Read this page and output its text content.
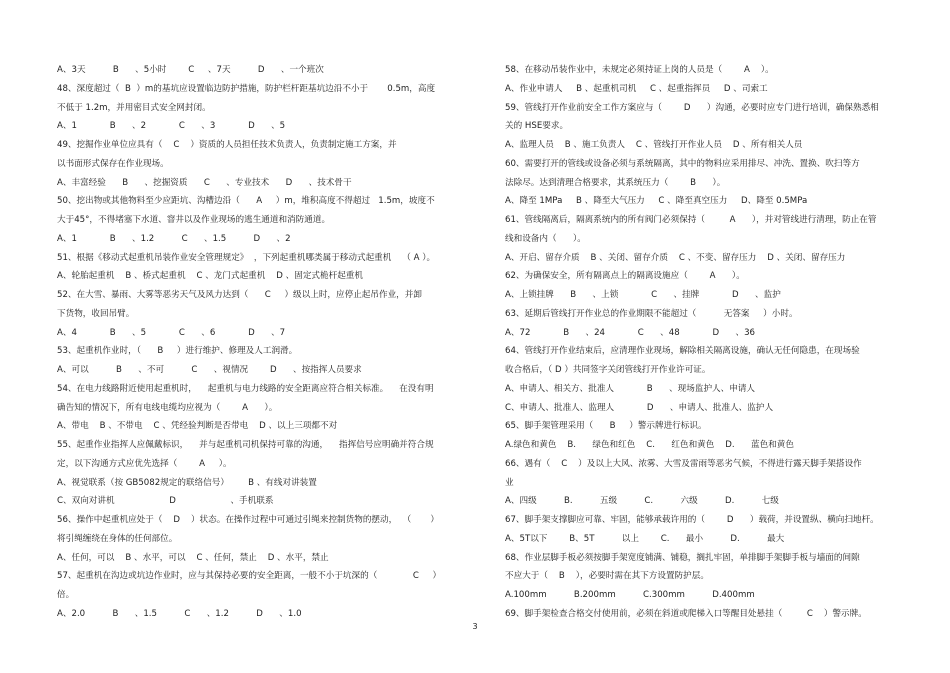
A、3天          B      、5小时        C     、7天          D      、一个班次
48、深度超过（  B  ）m的基坑应设置临边防护措施，防护栏杆距基坑边沿不小于       0.5m，高度
不低于 1.2m，并用密目式安全网封闭。
A、1            B      、2            C      、3            D      、5
49、挖掘作业单位应具有（    C    ）资质的人员担任技术负责人，负责制定施工方案，并
以书面形式保存在作业现场。
A、丰富经验      B      、挖掘资质      C      、专业技术      D      、技术骨干
50、挖出物或其他物料至少应距坑、沟槽边沿（      A     ）m，堆积高度不得超过   1.5m，坡度不
大于45°，不得堵塞下水道、窨井以及作业现场的逃生通道和消防通道。
A、1            B      、1.2          C      、1.5          D      、2
51、根据《移动式起重机吊装作业安全管理规定》  ，下列起重机哪类属于移动式起重机    （ A ）。
A、轮胎起重机    B 、桥式起重机    C 、龙门式起重机    D 、固定式桅杆起重机
52、在大雪、暴雨、大雾等恶劣天气及风力达到（      C     ）级以上时，应停止起吊作业，并卸
下货物，收回吊臂。
A、4            B      、5            C      、6            D      、7
53、起重机作业时，（      B     ）进行维护、修理及人工润滑。
A、可以          B      、不可          C      、视情况        D      、按指挥人员要求
54、在电力线路附近使用起重机时，    起重机与电力线路的安全距离应符合相关标准。    在没有明
确告知的情况下，所有电线电缆均应视为（        A      ）。
A、带电    B 、不带电    C 、凭经验判断是否带电    D 、以上三项都不对
55、起重作业指挥人应佩戴标识，    并与起重机司机保持可靠的沟通，    指挥信号应明确并符合规
定，以下沟通方式应优先选择（        A     ）。
A、视觉联系（按 GB5082规定的联络信号）       B 、有线对讲装置
C、双向对讲机                    D                    、手机联系
56、操作中起重机应处于（    D    ）状态。在操作过程中可通过引绳来控制货物的摆动，  （       ）
将引绳缠绕在身体的任何部位。
A、任何，可以    B 、水平，可以    C 、任何，禁止    D 、水平，禁止
57、起重机在沟边或坑边作业时，应与其保持必要的安全距离，一般不小于坑深的（             C     ）
倍。
A、2.0          B      、1.5          C      、1.2          D      、1.0
58、在移动吊装作业中，未规定必须持证上岗的人员是（        A    ）。
A、作业申请人     B 、起重机司机     C 、起重指挥员     D 、司索工
59、管线打开作业前安全工作方案应与（        D      ）沟通，必要时应专门进行培训，确保熟悉相
关的 HSE要求。
A、监理人员    B 、施工负责人    C 、管线打开作业人员    D 、所有相关人员
60、需要打开的管线或设备必须与系统隔离，其中的物料应采用排尽、冲洗、置换、吹扫等方
法除尽。达到清理合格要求，其系统压力（        B      ）。
A、降至 1MPa     B 、降至大气压力     C 、降至真空压力     D、降至 0.5MPa
61、管线隔离后，隔离系统内的所有阀门必须保持（         A      ），并对管线进行清理，防止在管
线和设备内（      ）。
A、开启、留存介质    B 、关闭、留存介质    C 、不变、留存压力    D 、关闭、留存压力
62、为确保安全，所有隔离点上的隔离设施应（        A      ）。
A、上锁挂牌      B      、上锁            C      、挂牌            D      、监护
63、延期后管线打开作业总的作业期限不能超过（          无答案     ）小时。
A、72            B      、24            C      、48            D      、36
64、管线打开作业结束后，应清理作业现场，解除相关隔离设施，确认无任何隐患，在现场验
收合格后，（ D ）共同签字关闭管线打开作业许可证。
A、申请人、相关方、批准人            B      、现场监护人、申请人
C、申请人、批准人、监理人            D      、申请人、批准人、监护人
65、脚手架管理采用（      B     ）警示牌进行标识。
A.绿色和黄色    B.      绿色和红色    C.      红色和黄色    D.      蓝色和黄色
66、遇有（    C    ）及以上大风、浓雾、大雪及雷雨等恶劣气候，不得进行露天脚手架搭设作
业
A、四级          B.          五级          C.          六级          D.          七级
67、脚手架支撑脚应可靠、牢固，能够承载许用的（        D      ）载荷，并设置纵、横向扫地杆。
A、5T以下        B、5T          以上        C.      最小          D.          最大
68、作业层脚手板必须按脚手架宽度铺满、铺稳，搁扎牢固，单排脚手架脚手板与墙面的间隙
不应大于（    B    ），必要时需在其下方设置防护层。
A.100mm          B.200mm          C.300mm          D.400mm
69、脚手架检查合格交付使用前，必须在斜道或爬梯入口等醒目处悬挂（         C    ）警示牌。
3
